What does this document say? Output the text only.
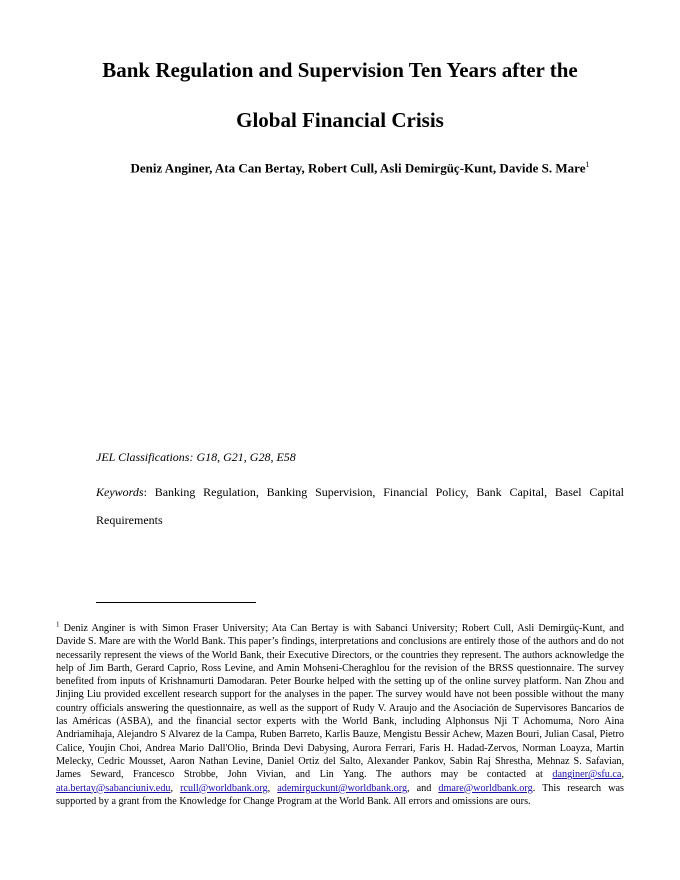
Bank Regulation and Supervision Ten Years after the
Global Financial Crisis
Deniz Anginer, Ata Can Bertay, Robert Cull, Asli Demirgüç-Kunt, Davide S. Mare$^1$
JEL Classifications: G18, G21, G28, E58
Keywords: Banking Regulation, Banking Supervision, Financial Policy, Bank Capital, Basel Capital Requirements
$^1$ Deniz Anginer is with Simon Fraser University; Ata Can Bertay is with Sabanci University; Robert Cull, Asli Demirgüç-Kunt, and Davide S. Mare are with the World Bank. This paper’s findings, interpretations and conclusions are entirely those of the authors and do not necessarily represent the views of the World Bank, their Executive Directors, or the countries they represent. The authors acknowledge the help of Jim Barth, Gerard Caprio, Ross Levine, and Amin Mohseni-Cheraghlou for the revision of the BRSS questionnaire. The survey benefited from inputs of Krishnamurti Damodaran. Peter Bourke helped with the setting up of the online survey platform. Nan Zhou and Jinjing Liu provided excellent research support for the analyses in the paper. The survey would have not been possible without the many country officials answering the questionnaire, as well as the support of Rudy V. Araujo and the Asociación de Supervisores Bancarios de las Américas (ASBA), and the financial sector experts with the World Bank, including Alphonsus Nji T Achomuma, Noro Aina Andriamihaja, Alejandro S Alvarez de la Campa, Ruben Barreto, Karlis Bauze, Mengistu Bessir Achew, Mazen Bouri, Julian Casal, Pietro Calice, Youjin Choi, Andrea Mario Dall'Olio, Brinda Devi Dabysing, Aurora Ferrari, Faris H. Hadad-Zervos, Norman Loayza, Martin Melecky, Cedric Mousset, Aaron Nathan Levine, Daniel Ortiz del Salto, Alexander Pankov, Sabin Raj Shrestha, Mehnaz S. Safavian, James Seward, Francesco Strobbe, John Vivian, and Lin Yang. The authors may be contacted at danginer@sfu.ca, ata.bertay@sabanciuniv.edu, rcull@worldbank.org, ademirguckunt@worldbank.org, and dmare@worldbank.org. This research was supported by a grant from the Knowledge for Change Program at the World Bank. All errors and omissions are ours.
